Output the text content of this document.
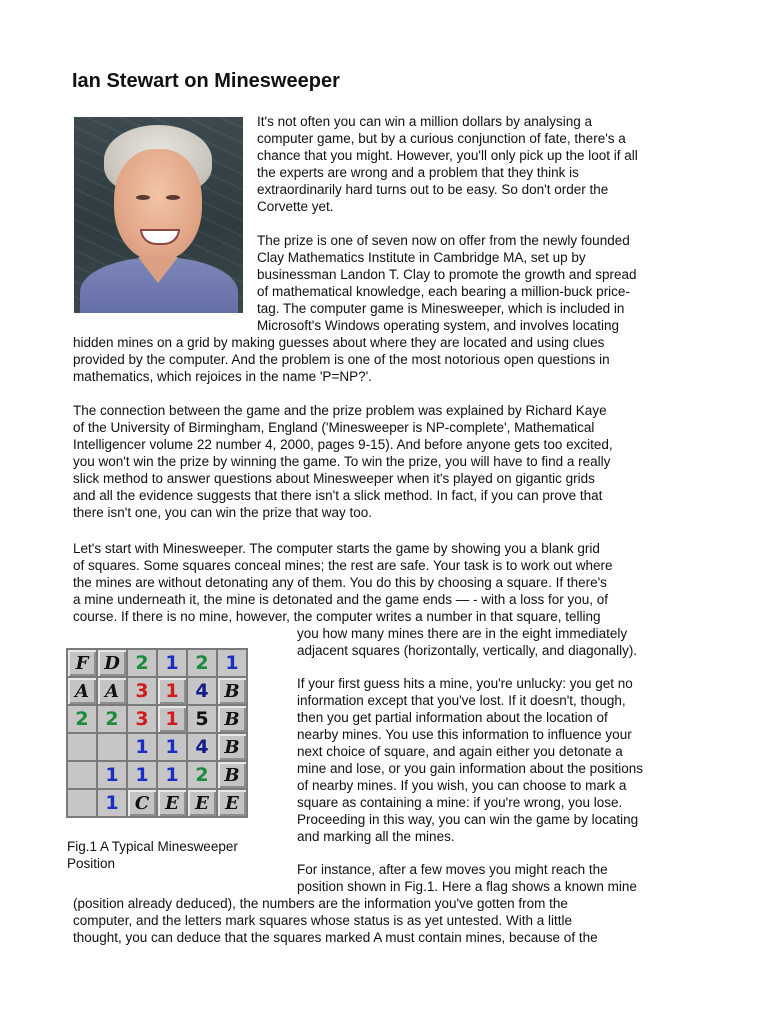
Ian Stewart on Minesweeper
It's not often you can win a million dollars by analysing a
computer game, but by a curious conjunction of fate, there's a
chance that you might. However, you'll only pick up the loot if all
the experts are wrong and a problem that they think is
extraordinarily hard turns out to be easy. So don't order the
Corvette yet.
The prize is one of seven now on offer from the newly founded
Clay Mathematics Institute in Cambridge MA, set up by
businessman Landon T. Clay to promote the growth and spread
of mathematical knowledge, each bearing a million-buck price-
tag. The computer game is Minesweeper, which is included in
Microsoft's Windows operating system, and involves locating
hidden mines on a grid by making guesses about where they are located and using clues
provided by the computer. And the problem is one of the most notorious open questions in
mathematics, which rejoices in the name 'P=NP?'.
The connection between the game and the prize problem was explained by Richard Kaye
of the University of Birmingham, England ('Minesweeper is NP-complete', Mathematical
Intelligencer volume 22 number 4, 2000, pages 9-15). And before anyone gets too excited,
you won't win the prize by winning the game. To win the prize, you will have to find a really
slick method to answer questions about Minesweeper when it's played on gigantic grids
and all the evidence suggests that there isn't a slick method. In fact, if you can prove that
there isn't one, you can win the prize that way too.
Let's start with Minesweeper. The computer starts the game by showing you a blank grid
of squares. Some squares conceal mines; the rest are safe. Your task is to work out where
the mines are without detonating any of them. You do this by choosing a square. If there's
a mine underneath it, the mine is detonated and the game ends — - with a loss for you, of
course. If there is no mine, however, the computer writes a number in that square, telling
you how many mines there are in the eight immediately
adjacent squares (horizontally, vertically, and diagonally).
If your first guess hits a mine, you're unlucky: you get no
information except that you've lost. If it doesn't, though,
then you get partial information about the location of
nearby mines. You use this information to influence your
next choice of square, and again either you detonate a
mine and lose, or you gain information about the positions
of nearby mines. If you wish, you can choose to mark a
square as containing a mine: if you're wrong, you lose.
Proceeding in this way, you can win the game by locating
and marking all the mines.
For instance, after a few moves you might reach the
position shown in Fig.1. Here a flag shows a known mine
(position already deduced), the numbers are the information you've gotten from the
computer, and the letters mark squares whose status is as yet untested. With a little
thought, you can deduce that the squares marked A must contain mines, because of the
F D 2 1 2 1
A A 3 1 4 B
2 2 3 1 5 B
1 1 4 B
1 1 1 2 B
1 C E E E
Fig.1 A Typical Minesweeper
Position
